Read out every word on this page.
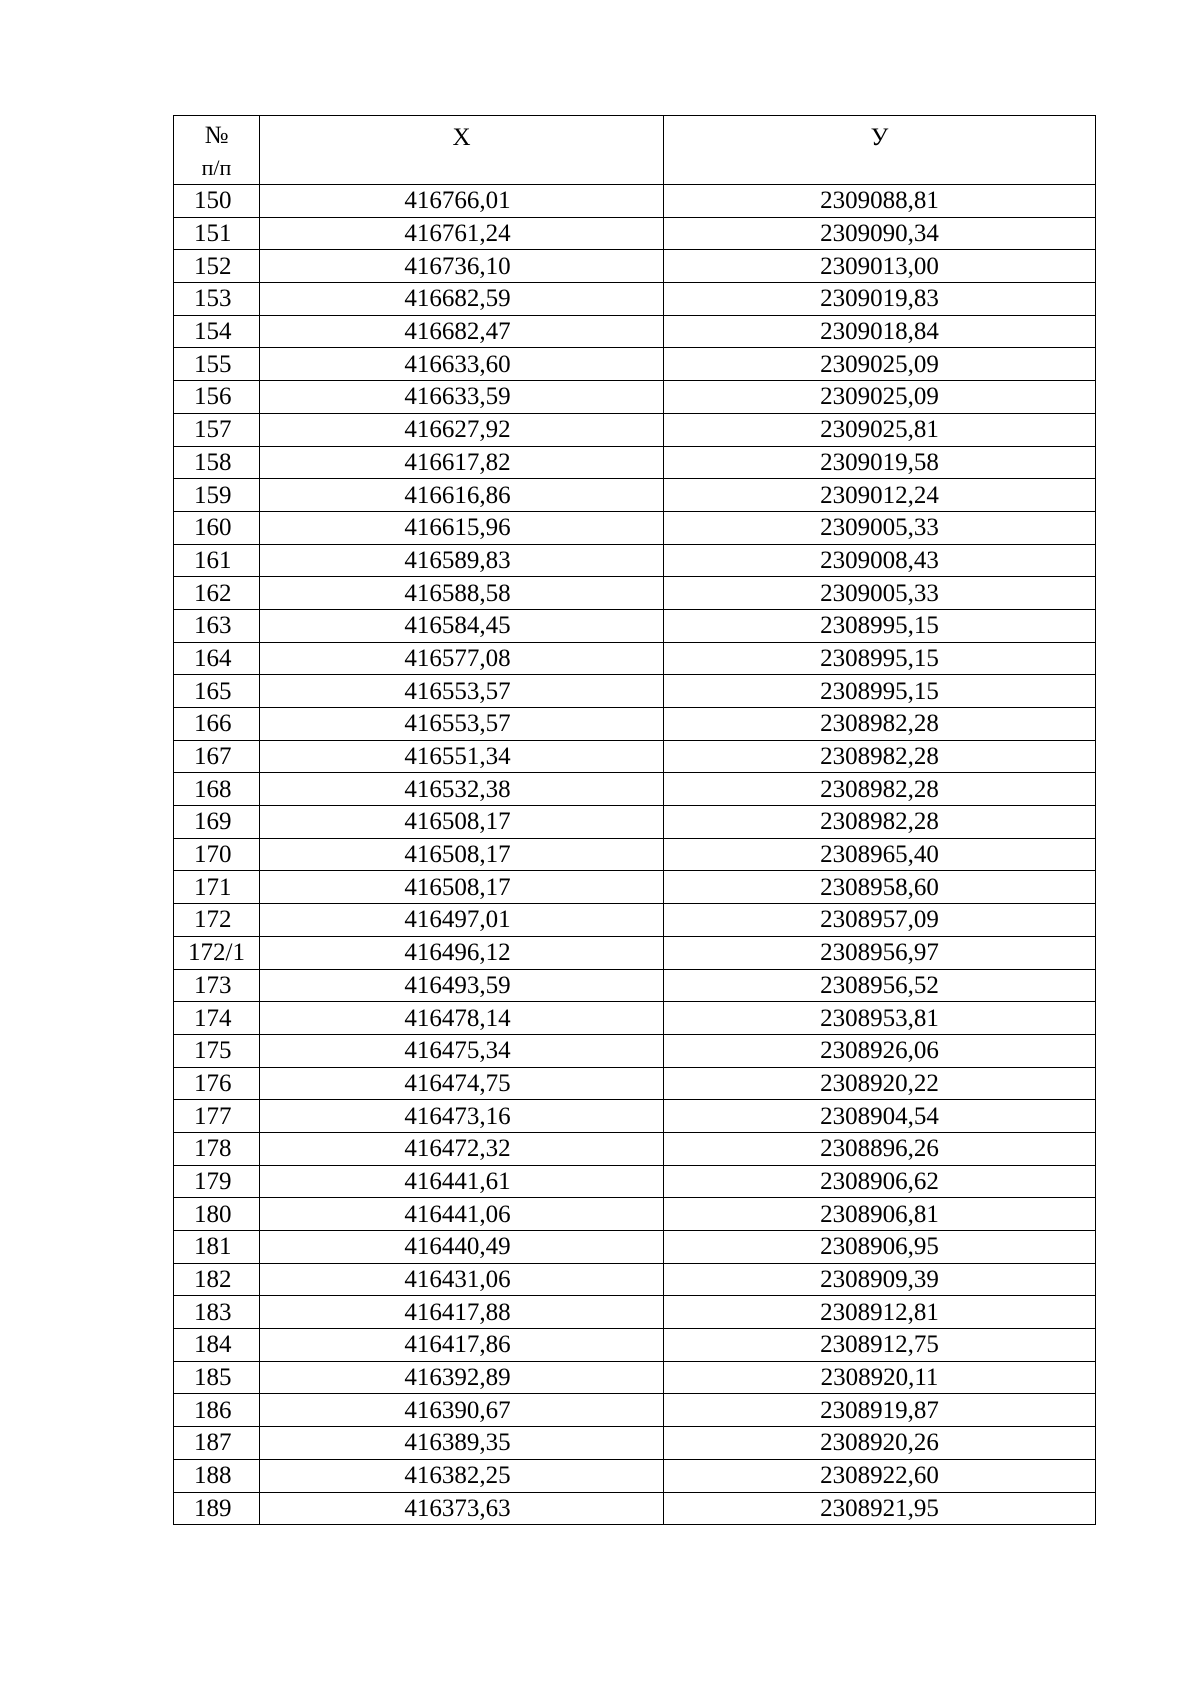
№
п/п	Х	У
150	416766,01	2309088,81
151	416761,24	2309090,34
152	416736,10	2309013,00
153	416682,59	2309019,83
154	416682,47	2309018,84
155	416633,60	2309025,09
156	416633,59	2309025,09
157	416627,92	2309025,81
158	416617,82	2309019,58
159	416616,86	2309012,24
160	416615,96	2309005,33
161	416589,83	2309008,43
162	416588,58	2309005,33
163	416584,45	2308995,15
164	416577,08	2308995,15
165	416553,57	2308995,15
166	416553,57	2308982,28
167	416551,34	2308982,28
168	416532,38	2308982,28
169	416508,17	2308982,28
170	416508,17	2308965,40
171	416508,17	2308958,60
172	416497,01	2308957,09
172/1	416496,12	2308956,97
173	416493,59	2308956,52
174	416478,14	2308953,81
175	416475,34	2308926,06
176	416474,75	2308920,22
177	416473,16	2308904,54
178	416472,32	2308896,26
179	416441,61	2308906,62
180	416441,06	2308906,81
181	416440,49	2308906,95
182	416431,06	2308909,39
183	416417,88	2308912,81
184	416417,86	2308912,75
185	416392,89	2308920,11
186	416390,67	2308919,87
187	416389,35	2308920,26
188	416382,25	2308922,60
189	416373,63	2308921,95
